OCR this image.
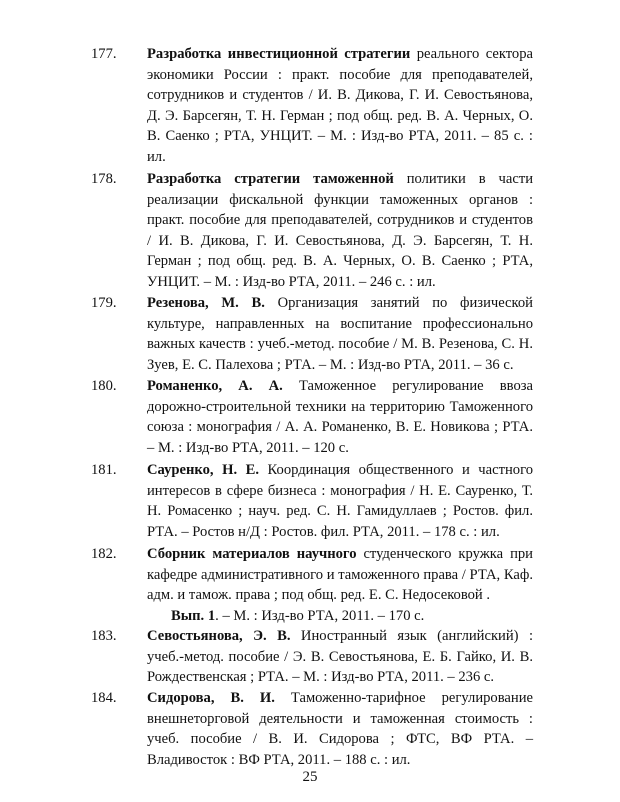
177.	Разработка инвестиционной стратегии реального сектора экономики России : практ. пособие для преподавателей, сотрудников и студентов / И. В. Дикова, Г. И. Севостьянова, Д. Э. Барсегян, Т. Н. Герман ; под общ. ред. В. А. Черных, О. В. Саенко ; РТА, УНЦИТ. – М. : Изд-во РТА, 2011. – 85 с. : ил.
178.	Разработка стратегии таможенной политики в части реализации фискальной функции таможенных органов : практ. пособие для преподавателей, сотрудников и студентов / И. В. Дикова, Г. И. Севостьянова, Д. Э. Барсегян, Т. Н. Герман ; под общ. ред. В. А. Черных, О. В. Саенко ; РТА, УНЦИТ. – М. : Изд-во РТА, 2011. – 246 с. : ил.
179.	Резенова, М. В. Организация занятий по физической культуре, направленных на воспитание профессионально важных качеств : учеб.-метод. пособие / М. В. Резенова, С. Н. Зуев, Е. С. Палехова ; РТА. – М. : Изд-во РТА, 2011. – 36 с.
180.	Романенко, А. А. Таможенное регулирование ввоза дорожно-строительной техники на территорию Таможенного союза : монография / А. А. Романенко, В. Е. Новикова ; РТА. – М. : Изд-во РТА, 2011. – 120 с.
181.	Сауренко, Н. Е. Координация общественного и частного интересов в сфере бизнеса : монография / Н. Е. Сауренко, Т. Н. Ромасенко ; науч. ред. С. Н. Гамидуллаев ; Ростов. фил. РТА. – Ростов н/Д : Ростов. фил. РТА, 2011. – 178 с. : ил.
182.	Сборник материалов научного студенческого кружка при кафедре административного и таможенного права / РТА, Каф. адм. и тамож. права ; под общ. ред. Е. С. Недосековой .
Вып. 1. – М. : Изд-во РТА, 2011. – 170 с.
183.	Севостьянова, Э. В. Иностранный язык (английский) : учеб.-метод. пособие / Э. В. Севостьянова, Е. Б. Гайко, И. В. Рождественская ; РТА. – М. : Изд-во РТА, 2011. – 236 с.
184.	Сидорова, В. И. Таможенно-тарифное регулирование внешнеторговой деятельности и таможенная стоимость : учеб. пособие / В. И. Сидорова ; ФТС, ВФ РТА. – Владивосток : ВФ РТА, 2011. – 188 с. : ил.
25
